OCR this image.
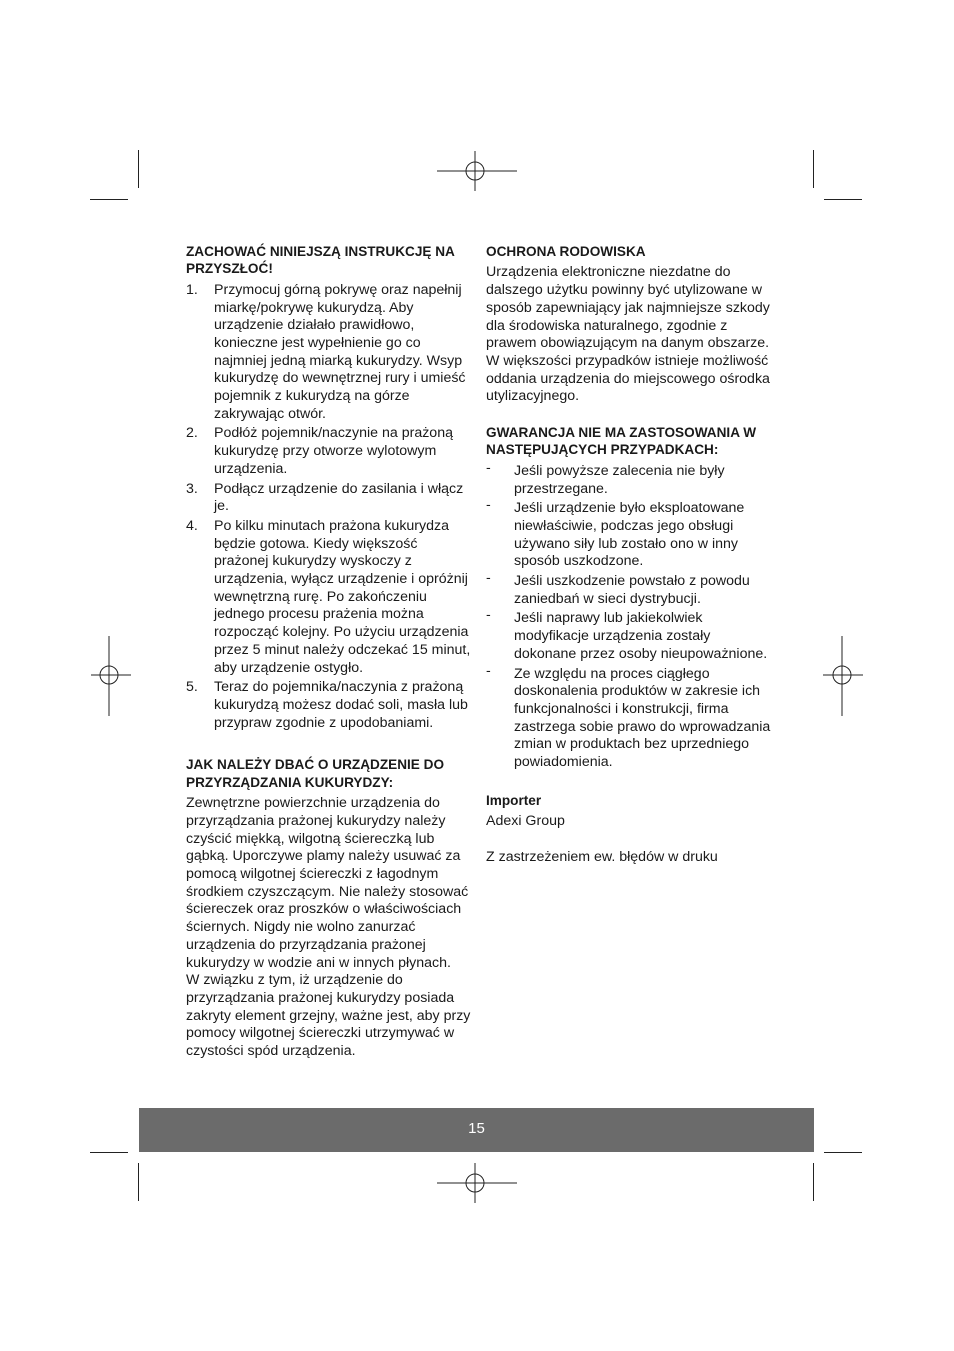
ZACHOWAĆ NINIEJSZĄ INSTRUKCJĘ NA PRZYSZŁOĆ!
1. Przymocuj górną pokrywę oraz napełnij miarkę/pokrywę kukurydzą. Aby urządzenie działało prawidłowo, konieczne jest wypełnienie go co najmniej jedną miarką kukurydzy. Wsyp kukurydzę do wewnętrznej rury i umieść pojemnik z kukurydzą na górze zakrywając otwór.
2. Podłóż pojemnik/naczynie na prażoną kukurydzę przy otworze wylotowym urządzenia.
3. Podłącz urządzenie do zasilania i włącz je.
4. Po kilku minutach prażona kukurydza będzie gotowa. Kiedy większość prażonej kukurydzy wyskoczy z urządzenia, wyłącz urządzenie i opróżnij wewnętrzną rurę. Po zakończeniu jednego procesu prażenia można rozpocząć kolejny. Po użyciu urządzenia przez 5 minut należy odczekać 15 minut, aby urządzenie ostygło.
5. Teraz do pojemnika/naczynia z prażoną kukurydzą możesz dodać soli, masła lub przypraw zgodnie z upodobaniami.
JAK NALEŻY DBAĆ O URZĄDZENIE DO PRZYRZĄDZANIA KUKURYDZY:

Zewnętrzne powierzchnie urządzenia do przyrządzania prażonej kukurydzy należy czyścić miękką, wilgotną ściereczką lub gąbką. Uporczywe plamy należy usuwać za pomocą wilgotnej ściereczki z łagodnym środkiem czyszczącym. Nie należy stosować ściereczek oraz proszków o właściwościach ściernych. Nigdy nie wolno zanurzać urządzenia do przyrządzania prażonej kukurydzy w wodzie ani w innych płynach.

W związku z tym, iż urządzenie do przyrządzania prażonej kukurydzy posiada zakryty element grzejny, ważne jest, aby przy pomocy wilgotnej ściereczki utrzymywać w czystości spód urządzenia.

OCHRONA RODOWISKA

Urządzenia elektroniczne niezdatne do dalszego użytku powinny być utylizowane w sposób zapewniający jak najmniejsze szkody dla środowiska naturalnego, zgodnie z prawem obowiązującym na danym obszarze. W większości przypadków istnieje możliwość oddania urządzenia do miejscowego ośrodka utylizacyjnego.

GWARANCJA NIE MA ZASTOSOWANIA W NASTĘPUJĄCYCH PRZYPADKACH:
- Jeśli powyższe zalecenia nie były przestrzegane.
- Jeśli urządzenie było eksploatowane niewłaściwie, podczas jego obsługi używano siły lub zostało ono w inny sposób uszkodzone.
- Jeśli uszkodzenie powstało z powodu zaniedbań w sieci dystrybucji.
- Jeśli naprawy lub jakiekolwiek modyfikacje urządzenia zostały dokonane przez osoby nieupoważnione.
- Ze względu na proces ciągłego doskonalenia produktów w zakresie ich funkcjonalności i konstrukcji, firma zastrzega sobie prawo do wprowadzania zmian w produktach bez uprzedniego powiadomienia.
Importer

Adexi Group

Z zastrzeżeniem ew. błędów w druku

15
